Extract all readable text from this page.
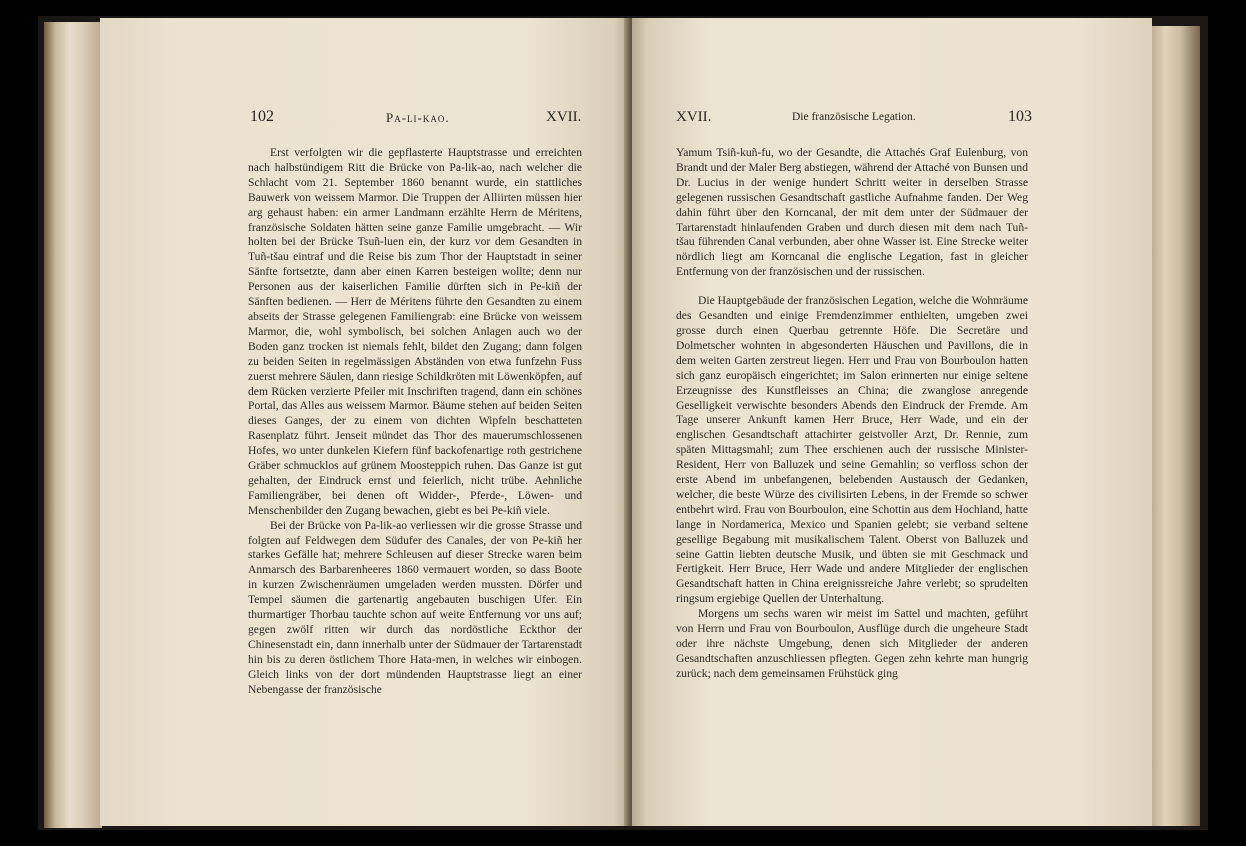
102	Pa-li-kao.	XVII.

Erst verfolgten wir die gepflasterte Hauptstrasse und erreichten nach halbstündigem Ritt die Brücke von Pa-lik-ao, nach welcher die Schlacht vom 21. September 1860 benannt wurde, ein stattliches Bauwerk von weissem Marmor. Die Truppen der Alliirten müssen hier arg gehaust haben: ein armer Landmann erzählte Herrn de Méritens, französische Soldaten hätten seine ganze Familie umgebracht. — Wir holten bei der Brücke Tsuñ-luen ein, der kurz vor dem Gesandten in Tuñ-tšau eintraf und die Reise bis zum Thor der Hauptstadt in seiner Sänfte fortsetzte, dann aber einen Karren besteigen wollte; denn nur Personen aus der kaiserlichen Familie dürften sich in Pe-kiñ der Sänften bedienen. — Herr de Méritens führte den Gesandten zu einem abseits der Strasse gelegenen Familiengrab: eine Brücke von weissem Marmor, die, wohl symbolisch, bei solchen Anlagen auch wo der Boden ganz trocken ist niemals fehlt, bildet den Zugang; dann folgen zu beiden Seiten in regelmässigen Abständen von etwa funfzehn Fuss zuerst mehrere Säulen, dann riesige Schildkröten mit Löwenköpfen, auf dem Rücken verzierte Pfeiler mit Inschriften tragend, dann ein schönes Portal, das Alles aus weissem Marmor. Bäume stehen auf beiden Seiten dieses Ganges, der zu einem von dichten Wipfeln beschatteten Rasenplatz führt. Jenseit mündet das Thor des mauerumschlossenen Hofes, wo unter dunkelen Kiefern fünf backofenartige roth gestrichene Gräber schmucklos auf grünem Moosteppich ruhen. Das Ganze ist gut gehalten, der Eindruck ernst und feierlich, nicht trübe. Aehnliche Familiengräber, bei denen oft Widder-, Pferde-, Löwen- und Menschenbilder den Zugang bewachen, giebt es bei Pe-kiñ viele.

Bei der Brücke von Pa-lik-ao verliessen wir die grosse Strasse und folgten auf Feldwegen dem Südufer des Canales, der von Pe-kiñ her starkes Gefälle hat; mehrere Schleusen auf dieser Strecke waren beim Anmarsch des Barbarenheeres 1860 vermauert worden, so dass Boote in kurzen Zwischenräumen umgeladen werden mussten. Dörfer und Tempel säumen die gartenartig angebauten buschigen Ufer. Ein thurmartiger Thorbau tauchte schon auf weite Entfernung vor uns auf; gegen zwölf ritten wir durch das nordöstliche Eckthor der Chinesenstadt ein, dann innerhalb unter der Südmauer der Tartarenstadt hin bis zu deren östlichem Thore Hata-men, in welches wir einbogen. Gleich links von der dort mündenden Hauptstrasse liegt an einer Nebengasse der französische

XVII.	Die französische Legation.	103

Yamum Tsiñ-kuñ-fu, wo der Gesandte, die Attachés Graf Eulenburg, von Brandt und der Maler Berg abstiegen, während der Attaché von Bunsen und Dr. Lucius in der wenige hundert Schritt weiter in derselben Strasse gelegenen russischen Gesandtschaft gastliche Aufnahme fanden. Der Weg dahin führt über den Korncanal, der mit dem unter der Südmauer der Tartarenstadt hinlaufenden Graben und durch diesen mit dem nach Tuñ-tšau führenden Canal verbunden, aber ohne Wasser ist. Eine Strecke weiter nördlich liegt am Korncanal die englische Legation, fast in gleicher Entfernung von der französischen und der russischen.

Die Hauptgebäude der französischen Legation, welche die Wohnräume des Gesandten und einige Fremdenzimmer enthielten, umgeben zwei grosse durch einen Querbau getrennte Höfe. Die Secretäre und Dolmetscher wohnten in abgesonderten Häuschen und Pavillons, die in dem weiten Garten zerstreut liegen. Herr und Frau von Bourboulon hatten sich ganz europäisch eingerichtet; im Salon erinnerten nur einige seltene Erzeugnisse des Kunstfleisses an China; die zwanglose anregende Geselligkeit verwischte besonders Abends den Eindruck der Fremde. Am Tage unserer Ankunft kamen Herr Bruce, Herr Wade, und ein der englischen Gesandtschaft attachirter geistvoller Arzt, Dr. Rennie, zum späten Mittagsmahl; zum Thee erschienen auch der russische Minister-Resident, Herr von Balluzek und seine Gemahlin; so verfloss schon der erste Abend im unbefangenen, belebenden Austausch der Gedanken, welcher, die beste Würze des civilisirten Lebens, in der Fremde so schwer entbehrt wird. Frau von Bourboulon, eine Schottin aus dem Hochland, hatte lange in Nordamerica, Mexico und Spanien gelebt; sie verband seltene gesellige Begabung mit musikalischem Talent. Oberst von Balluzek und seine Gattin liebten deutsche Musik, und übten sie mit Geschmack und Fertigkeit. Herr Bruce, Herr Wade und andere Mitglieder der englischen Gesandtschaft hatten in China ereignissreiche Jahre verlebt; so sprudelten ringsum ergiebige Quellen der Unterhaltung.

Morgens um sechs waren wir meist im Sattel und machten, geführt von Herrn und Frau von Bourboulon, Ausflüge durch die ungeheure Stadt oder ihre nächste Umgebung, denen sich Mitglieder der anderen Gesandtschaften anzuschliessen pflegten. Gegen zehn kehrte man hungrig zurück; nach dem gemeinsamen Frühstück ging
